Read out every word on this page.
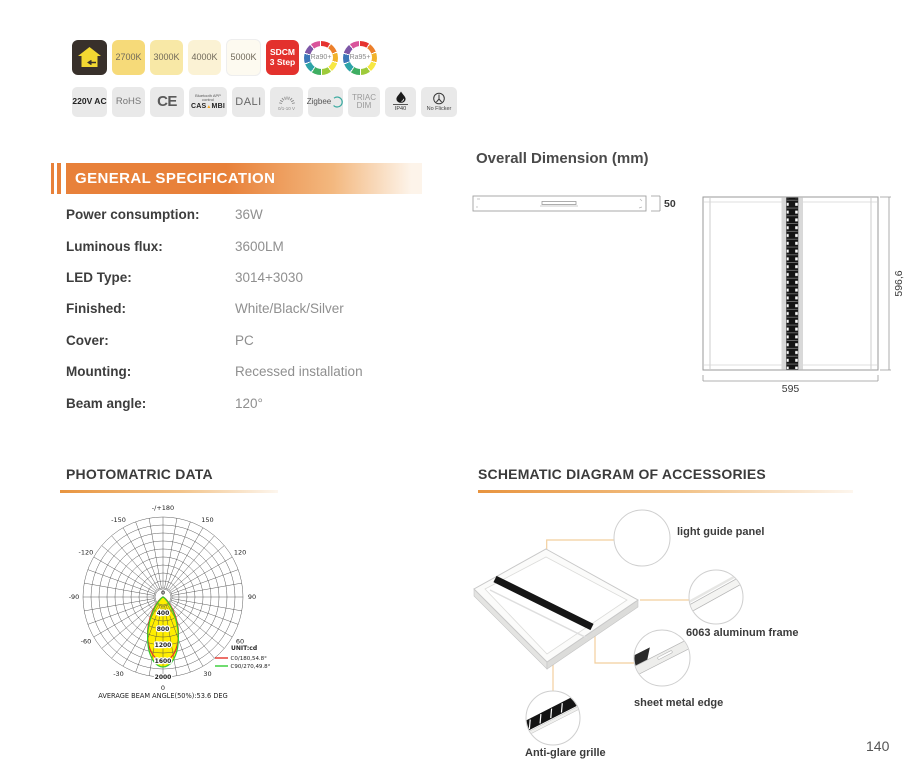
2700K 3000K 4000K 5000K SDCM
3 Step Ra90+	Ra95+
220V AC RoHS CE	Bluetooth APP
control
CAS▲MBI DALI
0/1-10 V
Zigbee	TRIAC
DIM	IP40	No Flicker
GENERAL SPECIFICATION
Power consumption:	36W
Luminous flux:	3600LM
LED Type:	3014+3030
Finished:	White/Black/Silver
Cover:	PC
Mounting:	Recessed installation
Beam angle:	120°
Overall Dimension (mm)
50
596,6
595
PHOTOMATRIC DATA
30
-30
60
-60
90
-90
120
-120
150
-150
-/+180
0
400
800
1200
1600
2000
0
UNIT:cd
C0/180,54.8°
C90/270,49.8°
AVERAGE BEAM ANGLE(50%):53.6 DEG
SCHEMATIC DIAGRAM OF ACCESSORIES
light guide panel
6063 aluminum frame
sheet metal edge
Anti-glare grille	140
